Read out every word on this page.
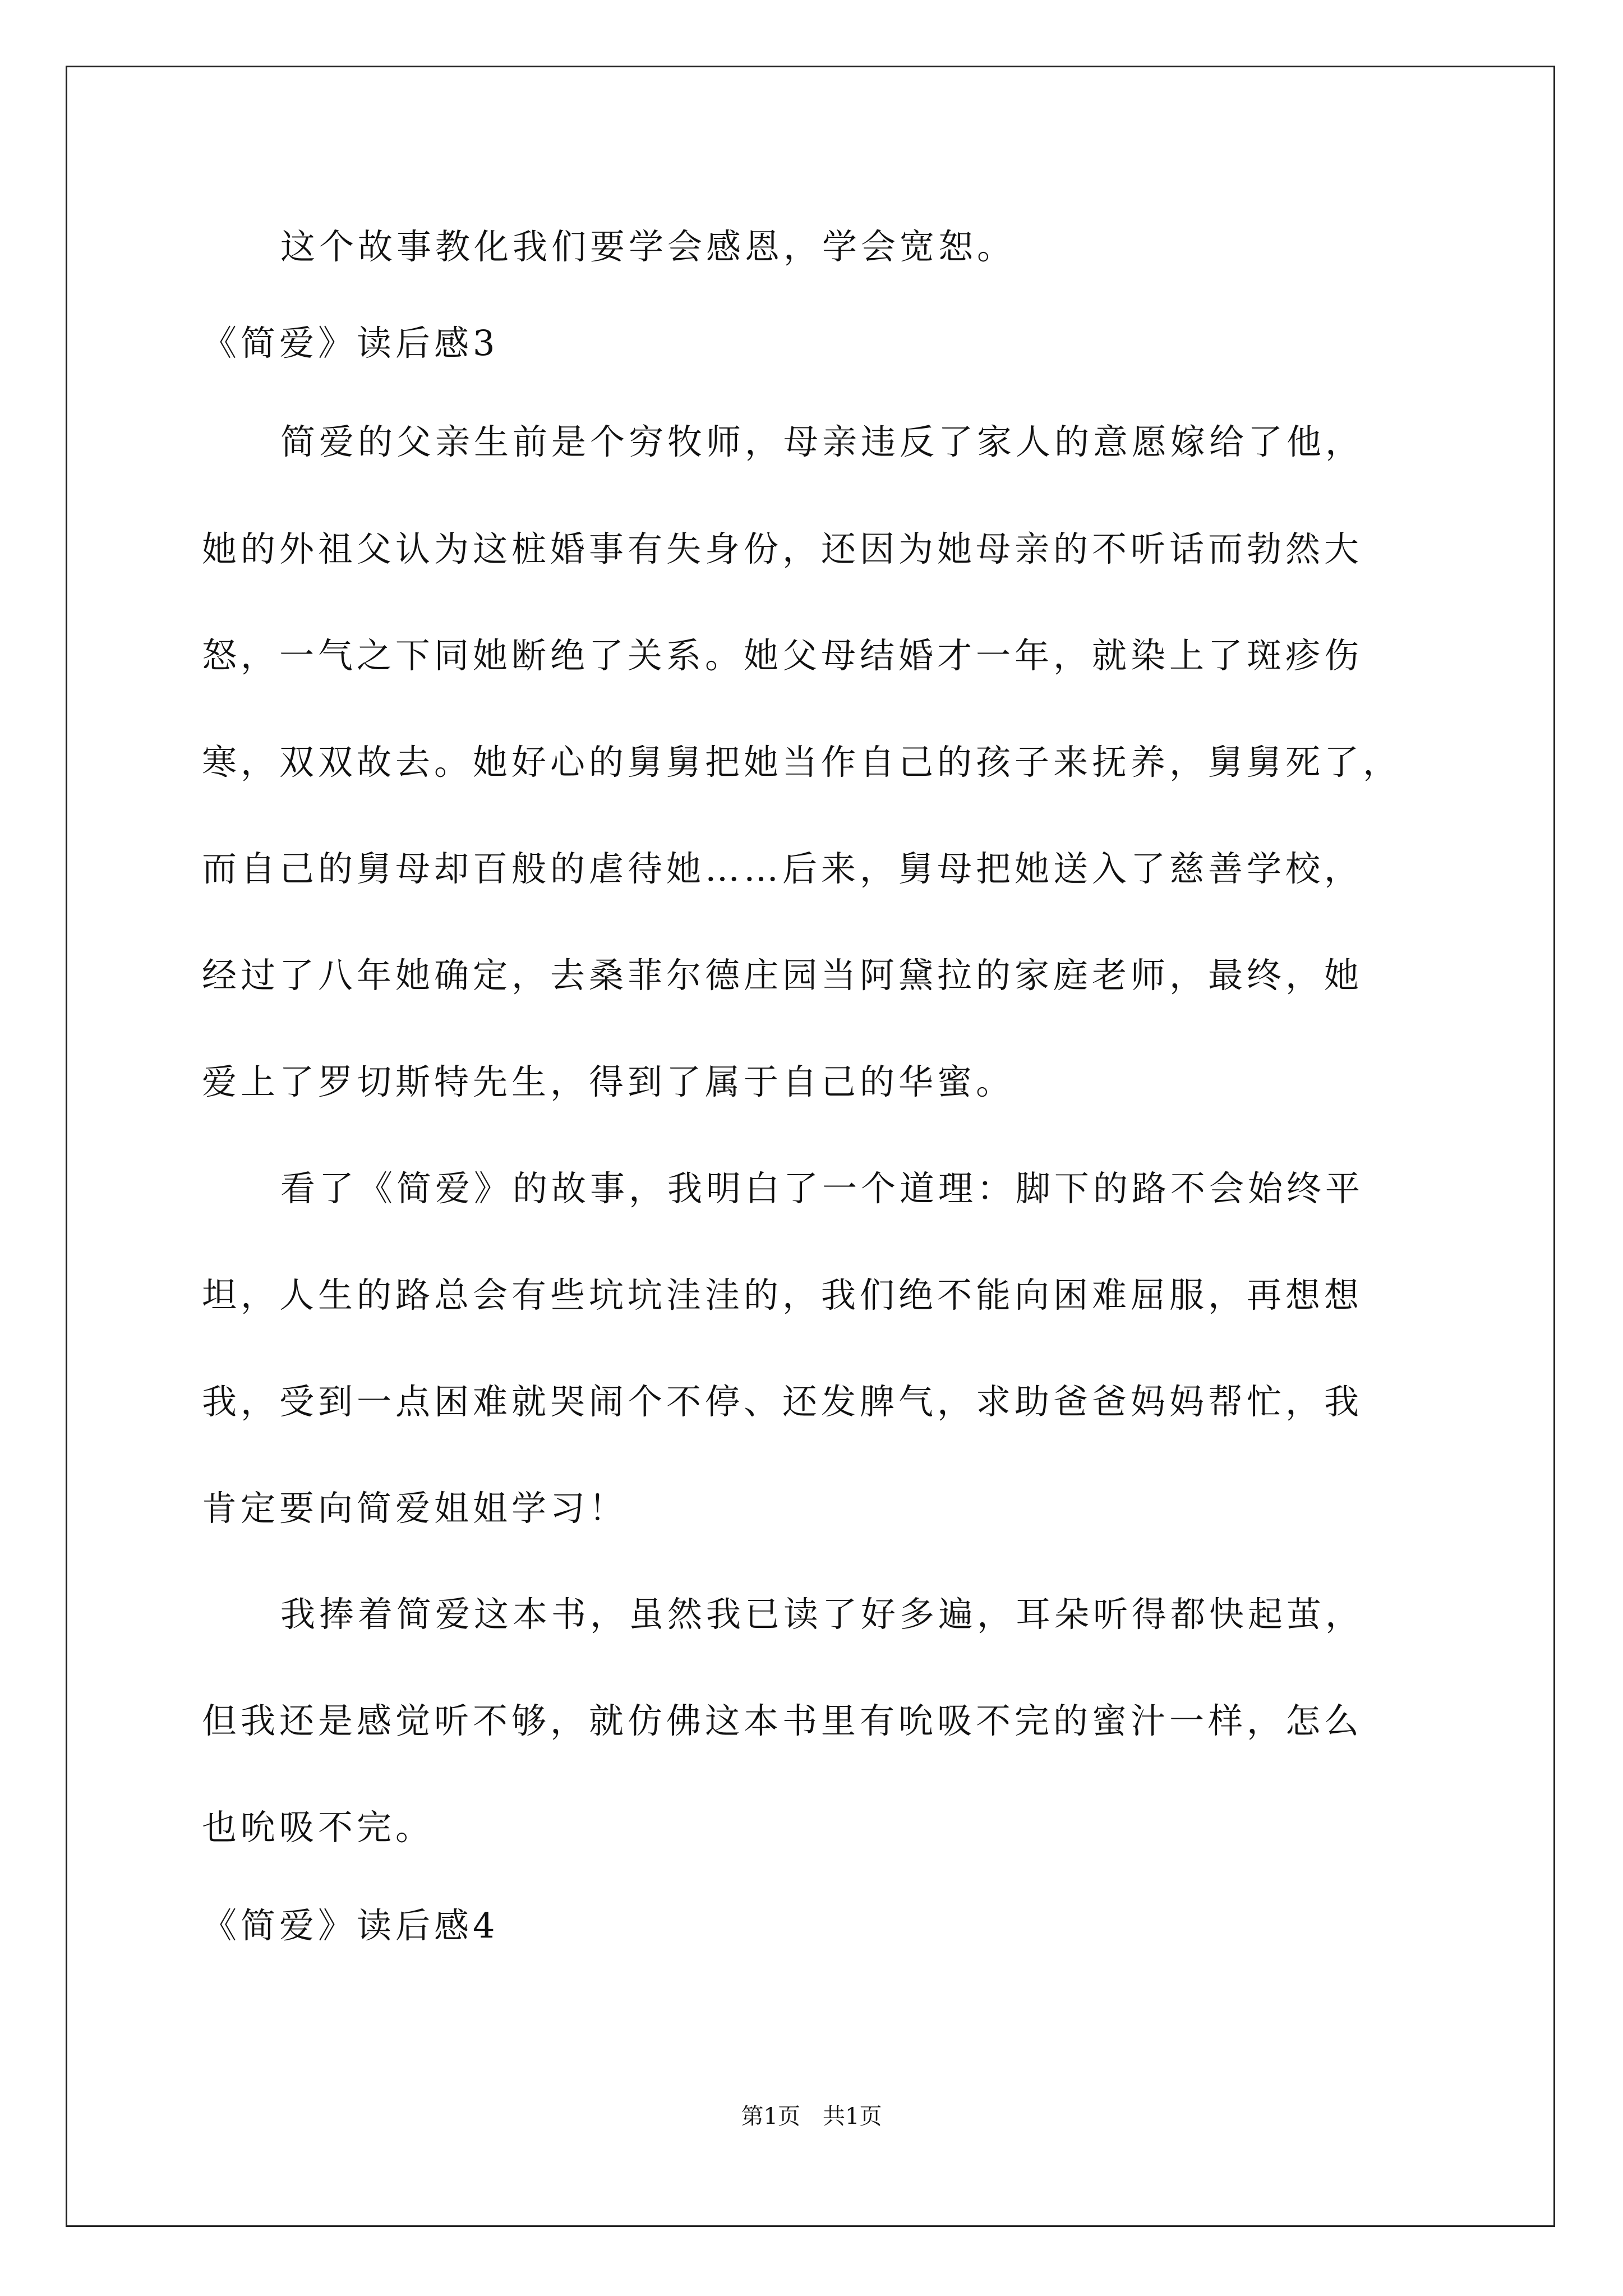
这个故事教化我们要学会感恩，学会宽恕。
《简爱》读后感3
简爱的父亲生前是个穷牧师，母亲违反了家人的意愿嫁给了他，
她的外祖父认为这桩婚事有失身份，还因为她母亲的不听话而勃然大
怒，一气之下同她断绝了关系。她父母结婚才一年，就染上了斑疹伤
寒，双双故去。她好心的舅舅把她当作自己的孩子来抚养，舅舅死了，
而自己的舅母却百般的虐待她……后来，舅母把她送入了慈善学校，
经过了八年她确定，去桑菲尔德庄园当阿黛拉的家庭老师，最终，她
爱上了罗切斯特先生，得到了属于自己的华蜜。
看了《简爱》的故事，我明白了一个道理：脚下的路不会始终平
坦，人生的路总会有些坑坑洼洼的，我们绝不能向困难屈服，再想想
我，受到一点困难就哭闹个不停、还发脾气，求助爸爸妈妈帮忙，我
肯定要向简爱姐姐学习！
我捧着简爱这本书，虽然我已读了好多遍，耳朵听得都快起茧，
但我还是感觉听不够，就仿佛这本书里有吮吸不完的蜜汁一样，怎么
也吮吸不完。
《简爱》读后感4
第1页　共1页
